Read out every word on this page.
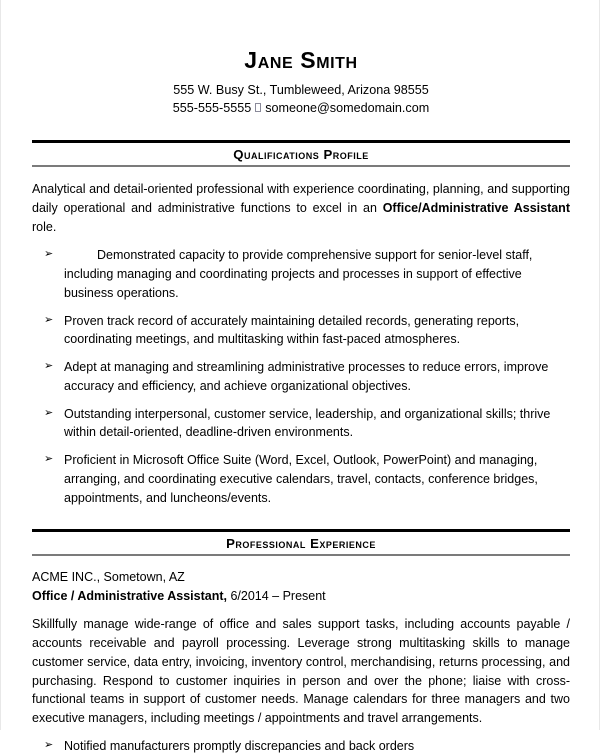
Jane Smith
555 W. Busy St., Tumbleweed, Arizona 98555
555-555-5555 someone@somedomain.com
Qualifications Profile
Analytical and detail-oriented professional with experience coordinating, planning, and supporting daily operational and administrative functions to excel in an Office/Administrative Assistant role.
➢	Demonstrated capacity to provide comprehensive support for senior-level staff, including managing and coordinating projects and processes in support of effective business operations.
➢ Proven track record of accurately maintaining detailed records, generating reports, coordinating meetings, and multitasking within fast-paced atmospheres.
➢ Adept at managing and streamlining administrative processes to reduce errors, improve accuracy and efficiency, and achieve organizational objectives.
➢ Outstanding interpersonal, customer service, leadership, and organizational skills; thrive within detail-oriented, deadline-driven environments.
➢ Proficient in Microsoft Office Suite (Word, Excel, Outlook, PowerPoint) and managing, arranging, and coordinating executive calendars, travel, contacts, conference bridges, appointments, and luncheons/events.
Professional Experience
ACME INC., Sometown, AZ
Office / Administrative Assistant, 6/2014 – Present
Skillfully manage wide-range of office and sales support tasks, including accounts payable / accounts receivable and payroll processing. Leverage strong multitasking skills to manage customer service, data entry, invoicing, inventory control, merchandising, returns processing, and purchasing. Respond to customer inquiries in person and over the phone; liaise with cross-functional teams in support of customer needs. Manage calendars for three managers and two executive managers, including meetings / appointments and travel arrangements.
➢ Notified manufacturers promptly discrepancies and back orders
